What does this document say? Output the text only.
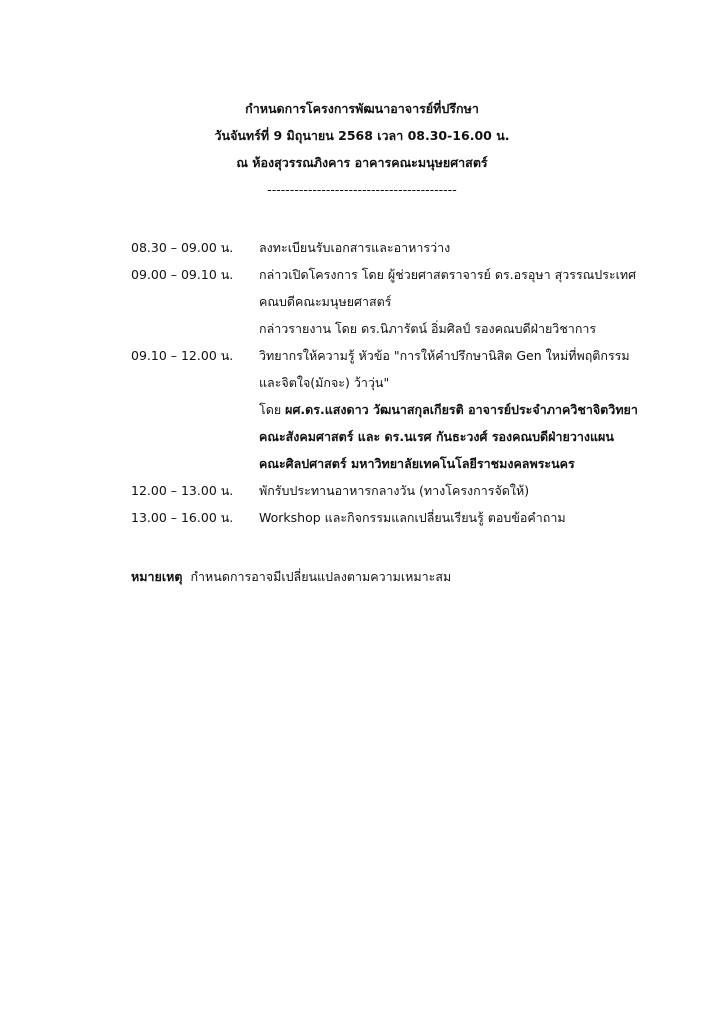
กำหนดการโครงการพัฒนาอาจารย์ที่ปรึกษา
วันจันทร์ที่ 9 มิถุนายน 2568 เวลา 08.30-16.00 น.
ณ ห้องสุวรรณภิงคาร อาคารคณะมนุษยศาสตร์
------------------------------------------
08.30 – 09.00 น.	ลงทะเบียนรับเอกสารและอาหารว่าง
09.00 – 09.10 น.	กล่าวเปิดโครงการ โดย ผู้ช่วยศาสตราจารย์ ดร.อรอุษา สุวรรณประเทศ
คณบดีคณะมนุษยศาสตร์
กล่าวรายงาน โดย ดร.นิภารัตน์ อิ่มศิลป์ รองคณบดีฝ่ายวิชาการ
09.10 – 12.00 น.	วิทยากรให้ความรู้ หัวข้อ "การให้คำปรึกษานิสิต Gen ใหม่ที่พฤติกรรม
และจิตใจ(มักจะ) ว้าวุ่น"
โดย ผศ.ดร.แสงดาว วัฒนาสกุลเกียรติ อาจารย์ประจำภาควิชาจิตวิทยา
คณะสังคมศาสตร์ และ ดร.นเรศ กันธะวงศ์ รองคณบดีฝ่ายวางแผน
คณะศิลปศาสตร์ มหาวิทยาลัยเทคโนโลยีราชมงคลพระนคร
12.00 – 13.00 น.	พักรับประทานอาหารกลางวัน (ทางโครงการจัดให้)
13.00 – 16.00 น.	Workshop และกิจกรรมแลกเปลี่ยนเรียนรู้ ตอบข้อคำถาม
หมายเหตุ กำหนดการอาจมีเปลี่ยนแปลงตามความเหมาะสม
